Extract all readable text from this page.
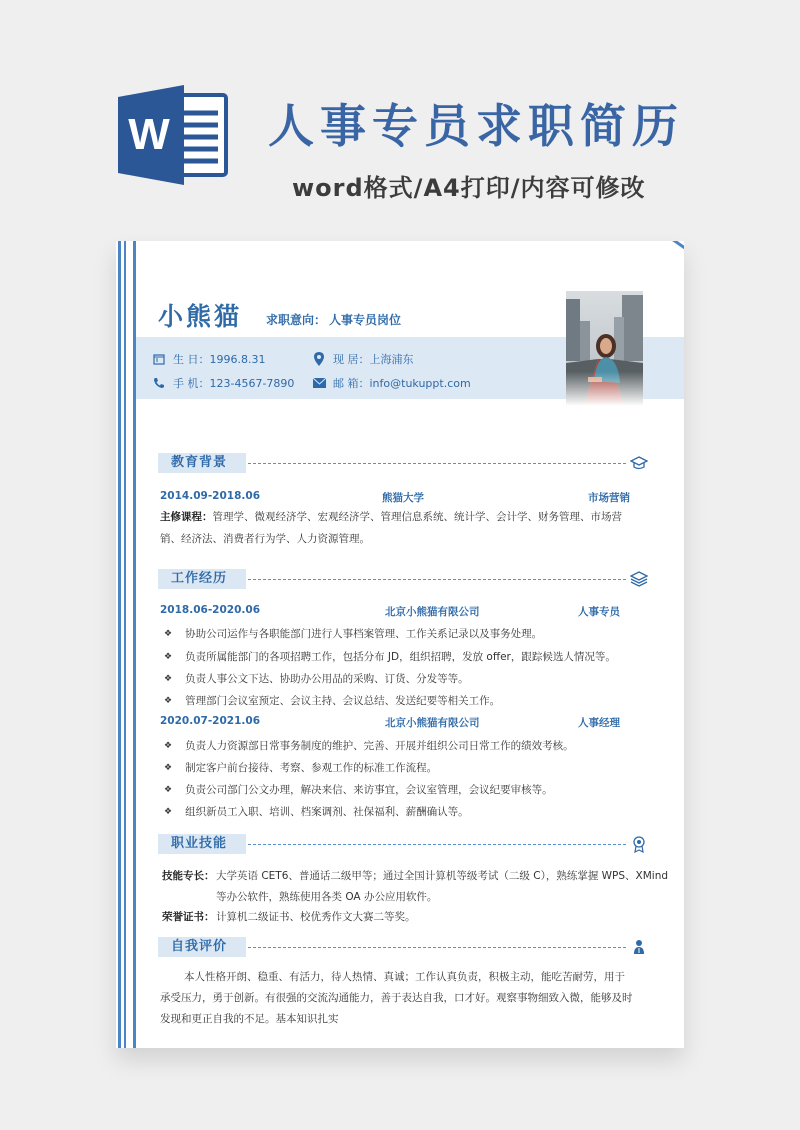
W 人事专员求职简历
word格式/A4打印/内容可修改
生 日：1996.8.31
手 机：123-4567-7890
现 居：上海浦东
邮 箱：info@tukuppt.com
小熊猫 求职意向： 人事专员岗位
教育背景
2014.09-2018.06	熊猫大学	市场营销
主修课程：管理学、微观经济学、宏观经济学、管理信息系统、统计学、会计学、财务管理、市场营销、经济法、消费者行为学、人力资源管理。
工作经历
2018.06-2020.06	北京小熊猫有限公司	人事专员
❖ 协助公司运作与各职能部门进行人事档案管理、工作关系记录以及事务处理。
❖ 负责所属能部门的各项招聘工作，包括分布 JD，组织招聘，发放 offer，跟踪候选人情况等。
❖ 负责人事公文下达、协助办公用品的采购、订货、分发等等。
❖ 管理部门会议室预定、会议主持、会议总结、发送纪要等相关工作。
2020.07-2021.06	北京小熊猫有限公司	人事经理
❖ 负责人力资源部日常事务制度的维护、完善、开展并组织公司日常工作的绩效考核。
❖ 制定客户前台接待、考察、参观工作的标准工作流程。
❖ 负责公司部门公文办理，解决来信、来访事宜，会议室管理，会议纪要审核等。
❖ 组织新员工入职、培训、档案调剂、社保福利、薪酬确认等。
职业技能
技能专长： 大学英语 CET6、普通话二级甲等；通过全国计算机等级考试（二级 C），熟练掌握 WPS、XMind
等办公软件，熟练使用各类 OA 办公应用软件。
荣誉证书： 计算机二级证书、校优秀作文大赛二等奖。
自我评价
本人性格开朗、稳重、有活力，待人热情、真诚；工作认真负责，积极主动，能吃苦耐劳，用于承受压力，勇于创新。有很强的交流沟通能力，善于表达自我，口才好。观察事物细致入微，能够及时发现和更正自我的不足。基本知识扎实
